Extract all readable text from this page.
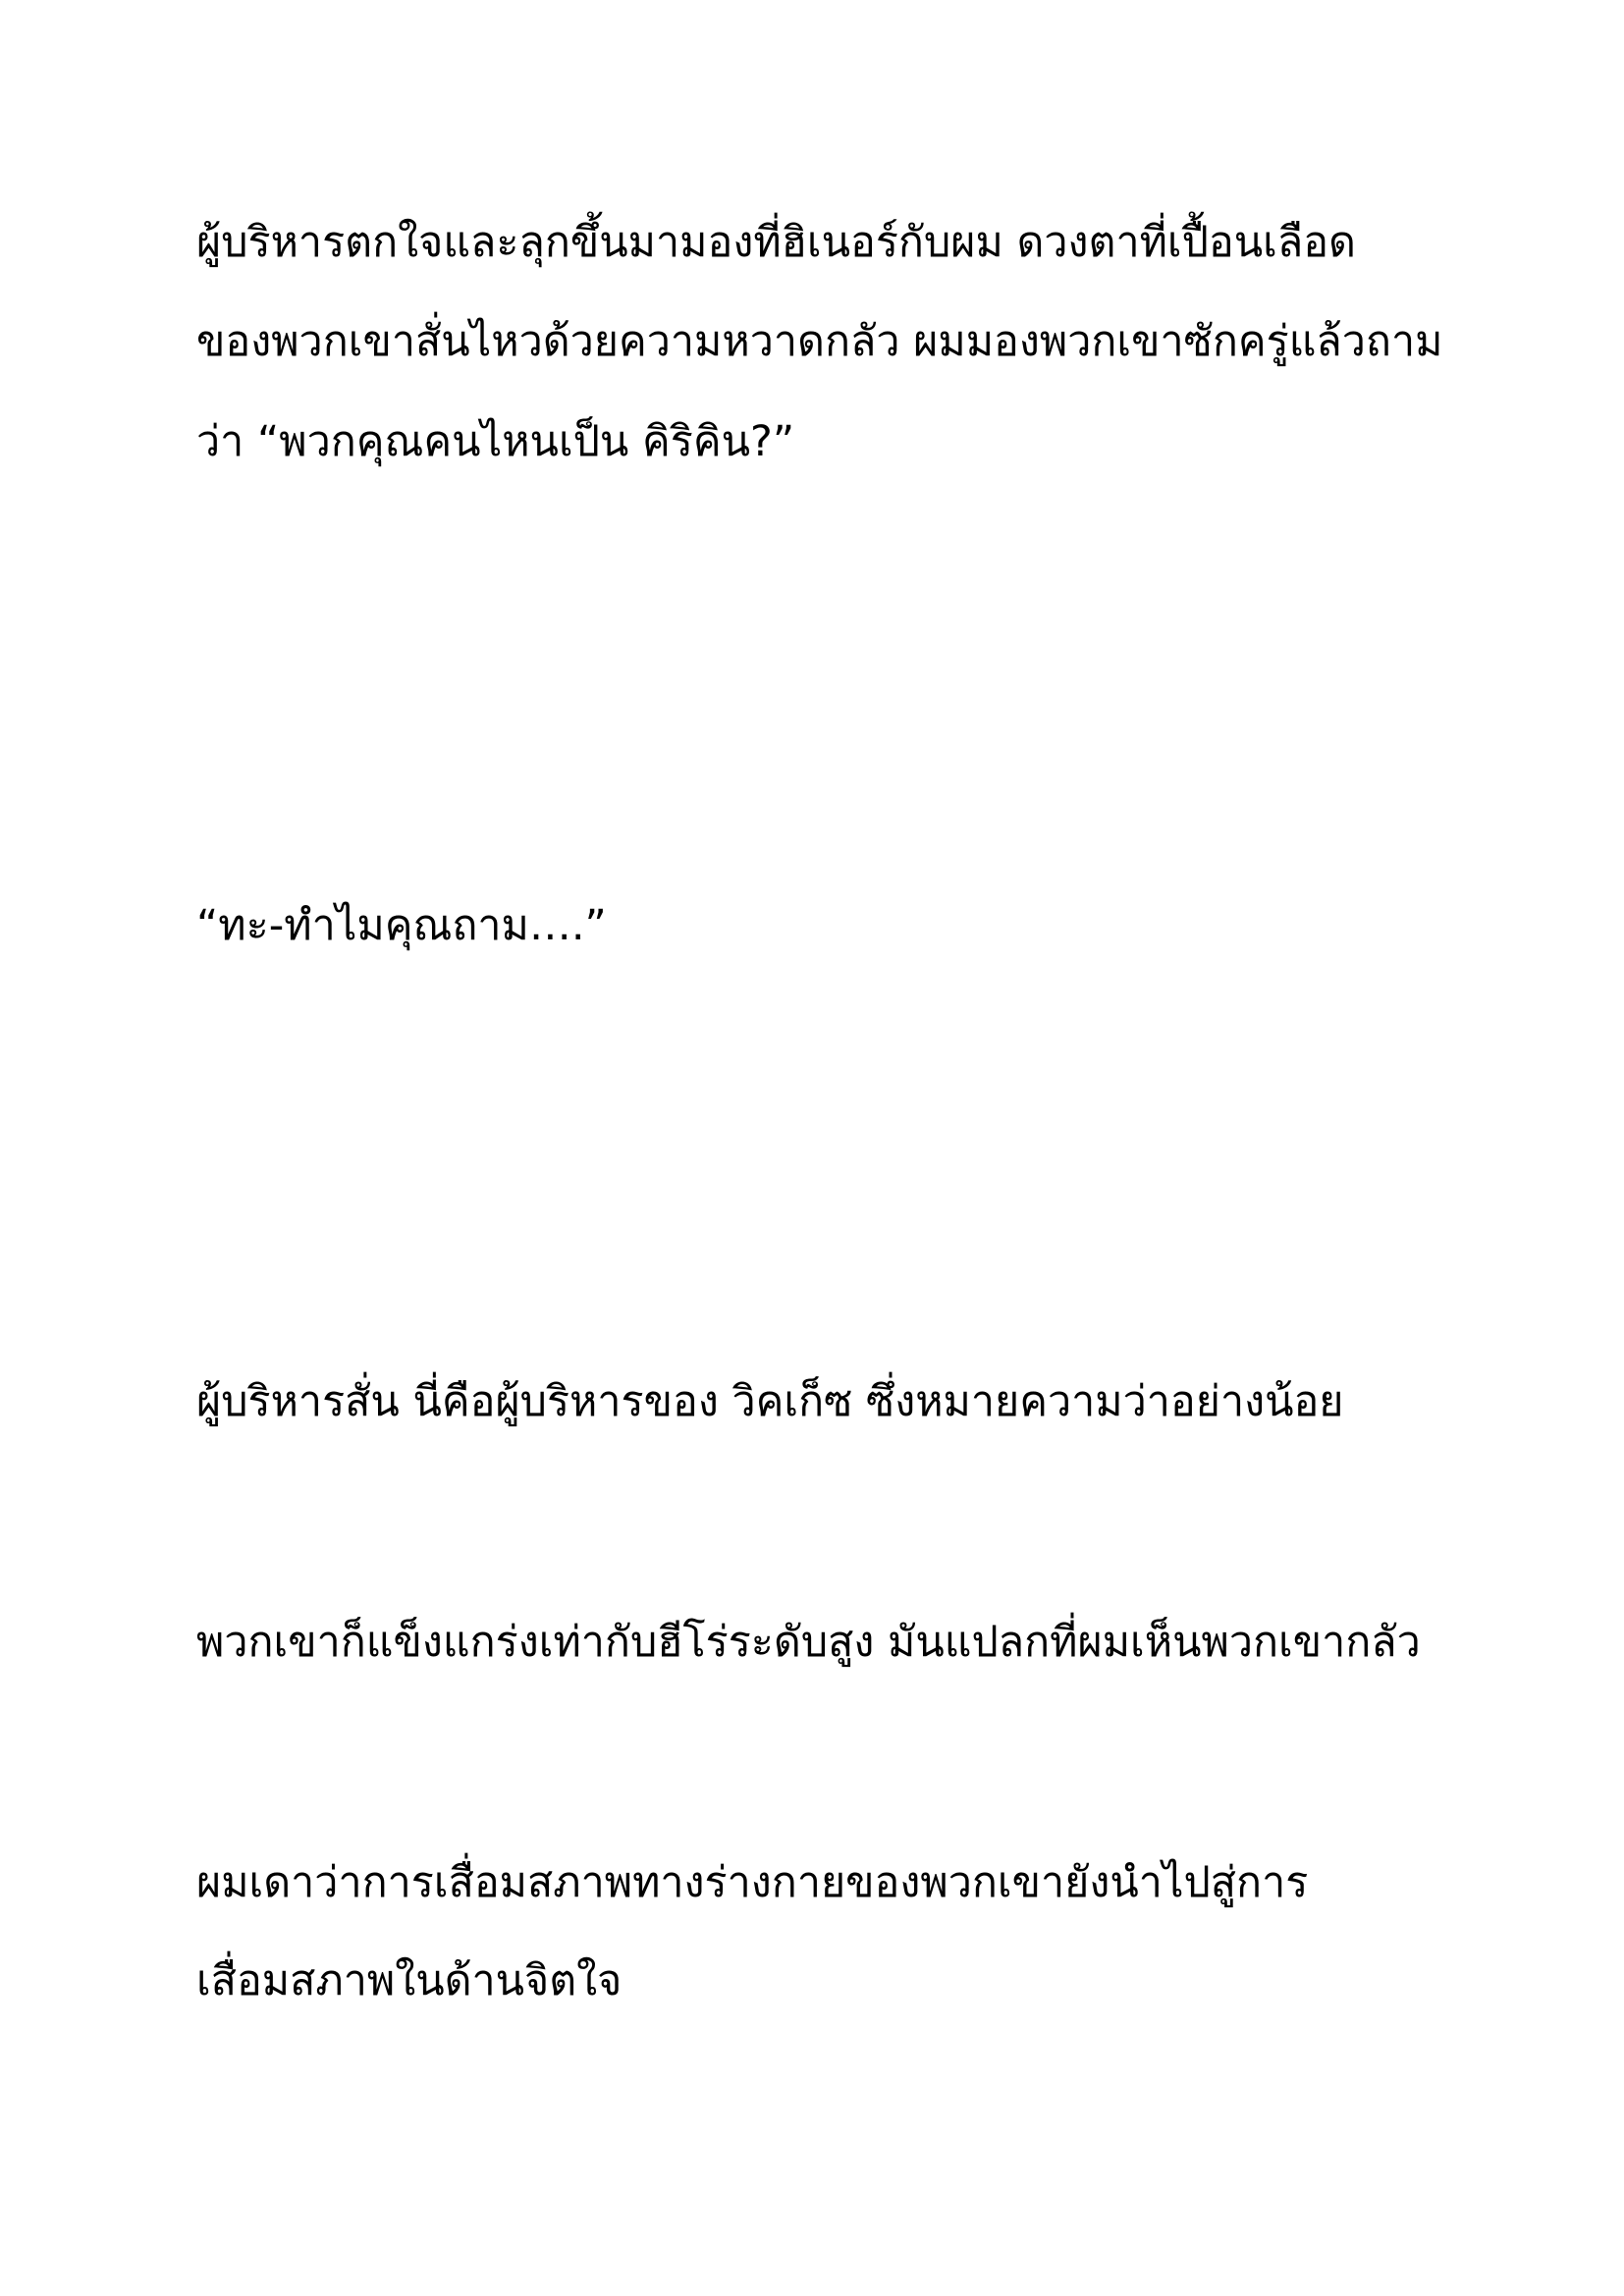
ผู้บริหารตกใจและลุกขึ้นมามองที่ฮิเนอร์กับผม ดวงตาที่เปื้อนเลือด
ของพวกเขาสั่นไหวด้วยความหวาดกลัว ผมมองพวกเขาซักครู่แล้วถาม
ว่า “พวกคุณคนไหนเป็น คิริคิน?”
“ทะ-ทำไมคุณถาม….”
ผู้บริหารสั่น นี่คือผู้บริหารของ วิคเก็ซ ซึ่งหมายความว่าอย่างน้อย
พวกเขาก็แข็งแกร่งเท่ากับฮีโร่ระดับสูง มันแปลกที่ผมเห็นพวกเขากลัว
ผมเดาว่าการเสื่อมสภาพทางร่างกายของพวกเขายังนำไปสู่การ
เสื่อมสภาพในด้านจิตใจ
